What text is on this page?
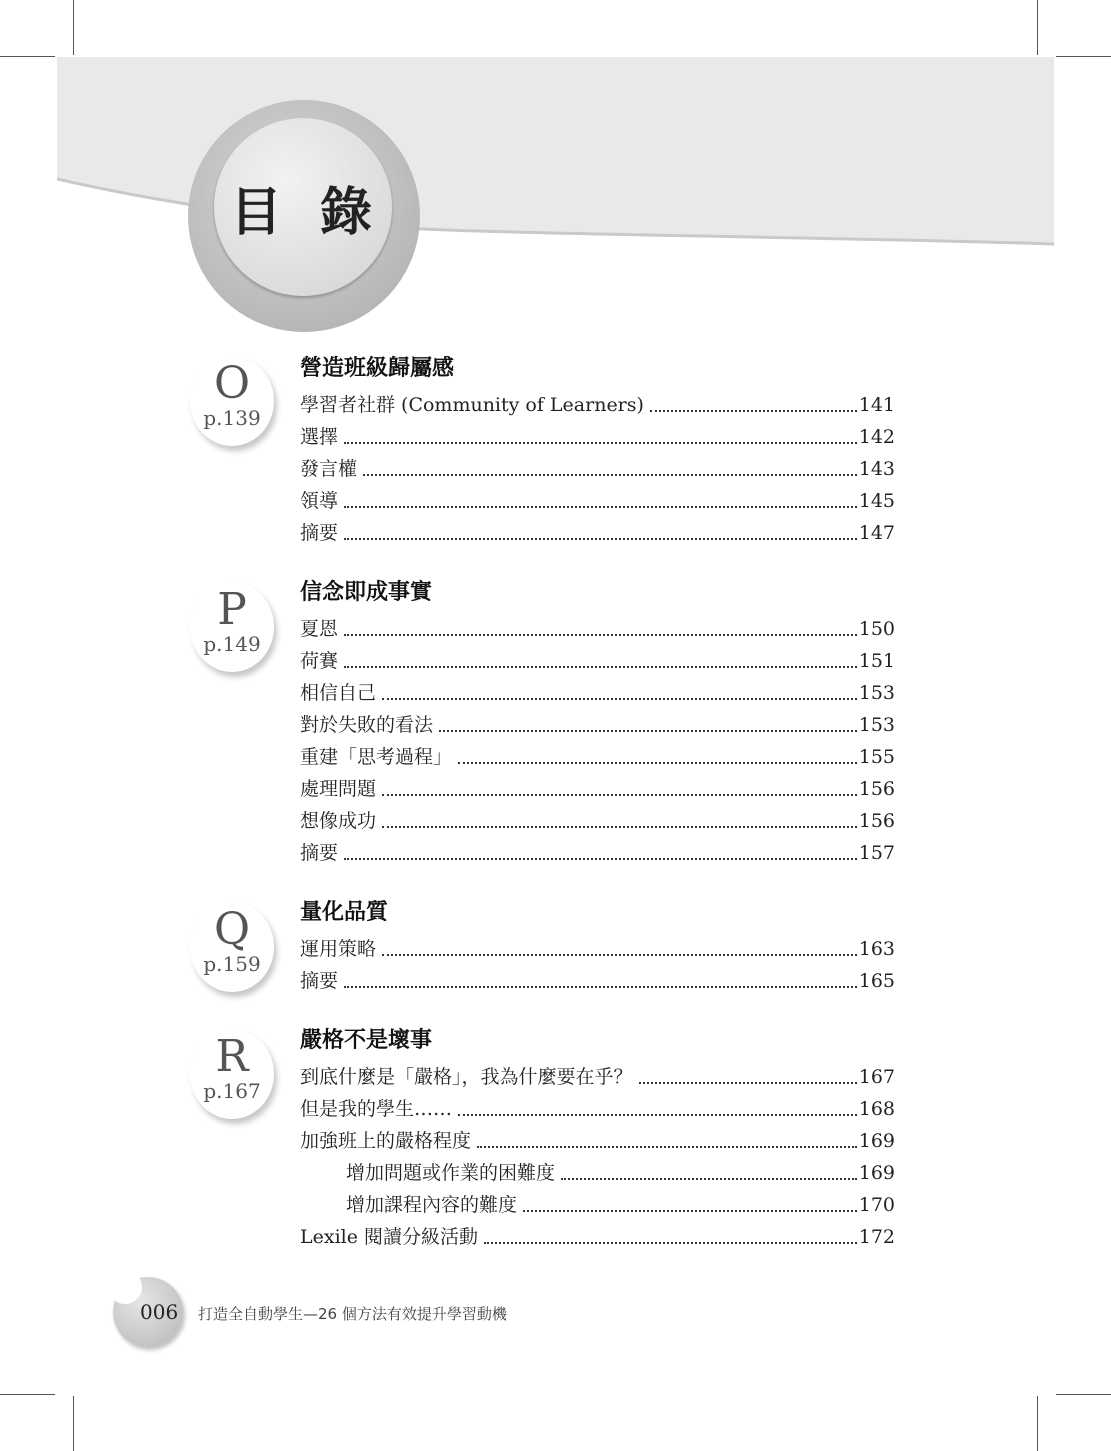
目 錄
O
p.139
營造班級歸屬感
學習者社群 (Community of Learners)	141
選擇	142
發言權	143
領導	145
摘要	147
P
p.149
信念即成事實
夏恩	150
荷賽	151
相信自己	153
對於失敗的看法	153
重建「思考過程」	155
處理問題	156
想像成功	156
摘要	157
Q
p.159
量化品質
運用策略	163
摘要	165
R
p.167
嚴格不是壞事
到底什麼是「嚴格」，我為什麼要在乎？	167
但是我的學生……	168
加強班上的嚴格程度	169
增加問題或作業的困難度	169
增加課程內容的難度	170
Lexile 閱讀分級活動	172
006 打造全自動學生—26 個方法有效提升學習動機
